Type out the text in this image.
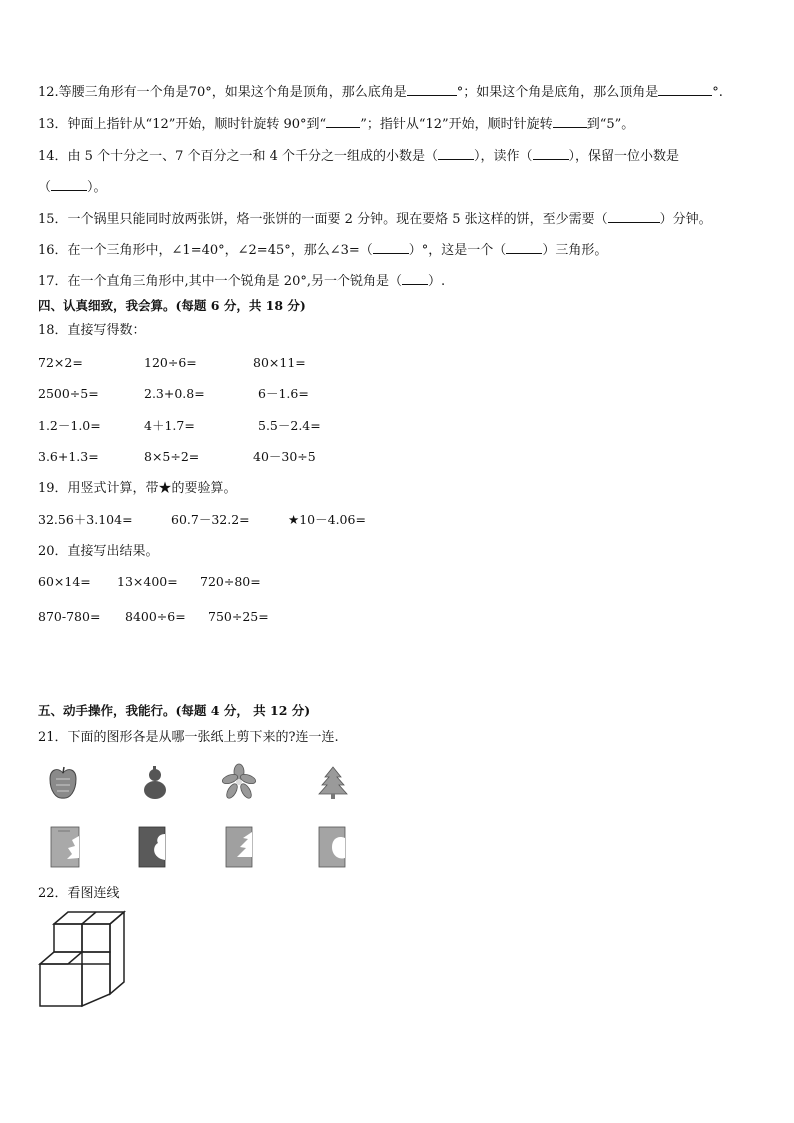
12.等腰三角形有一个角是70°，如果这个角是顶角，那么底角是	°；如果这个角是底角，那么顶角是	°.
13．钟面上指针从“12”开始，顺时针旋转 90°到“	”；指针从“12”开始，顺时针旋转	到“5”。
14．由 5 个十分之一、7 个百分之一和 4 个千分之一组成的小数是（	），读作（	），保留一位小数是
（	）。
15．一个锅里只能同时放两张饼，烙一张饼的一面要 2 分钟。现在要烙 5 张这样的饼，至少需要（	）分钟。
16．在一个三角形中，∠1=40°，∠2=45°，那么∠3=（	）°，这是一个（	）三角形。
17．在一个直角三角形中,其中一个锐角是 20°,另一个锐角是（ ）.
四、认真细致，我会算。(每题 6 分，共 18 分)
18．直接写得数：
72×2=	120÷6=	80×11=
2500÷5=	2.3+0.8=	6－1.6=
1.2－1.0=	4＋1.7=	5.5－2.4=
3.6+1.3=	8×5÷2=	40－30÷5
19．用竖式计算，带★的要验算。
32.56＋3.104=	60.7－32.2=	★10－4.06=
20．直接写出结果。
60×14= 13×400= 720÷80=
870-780= 8400÷6= 750÷25=
五、动手操作，我能行。(每题 4 分， 共 12 分)
21．下面的图形各是从哪一张纸上剪下来的?连一连.
22．看图连线
